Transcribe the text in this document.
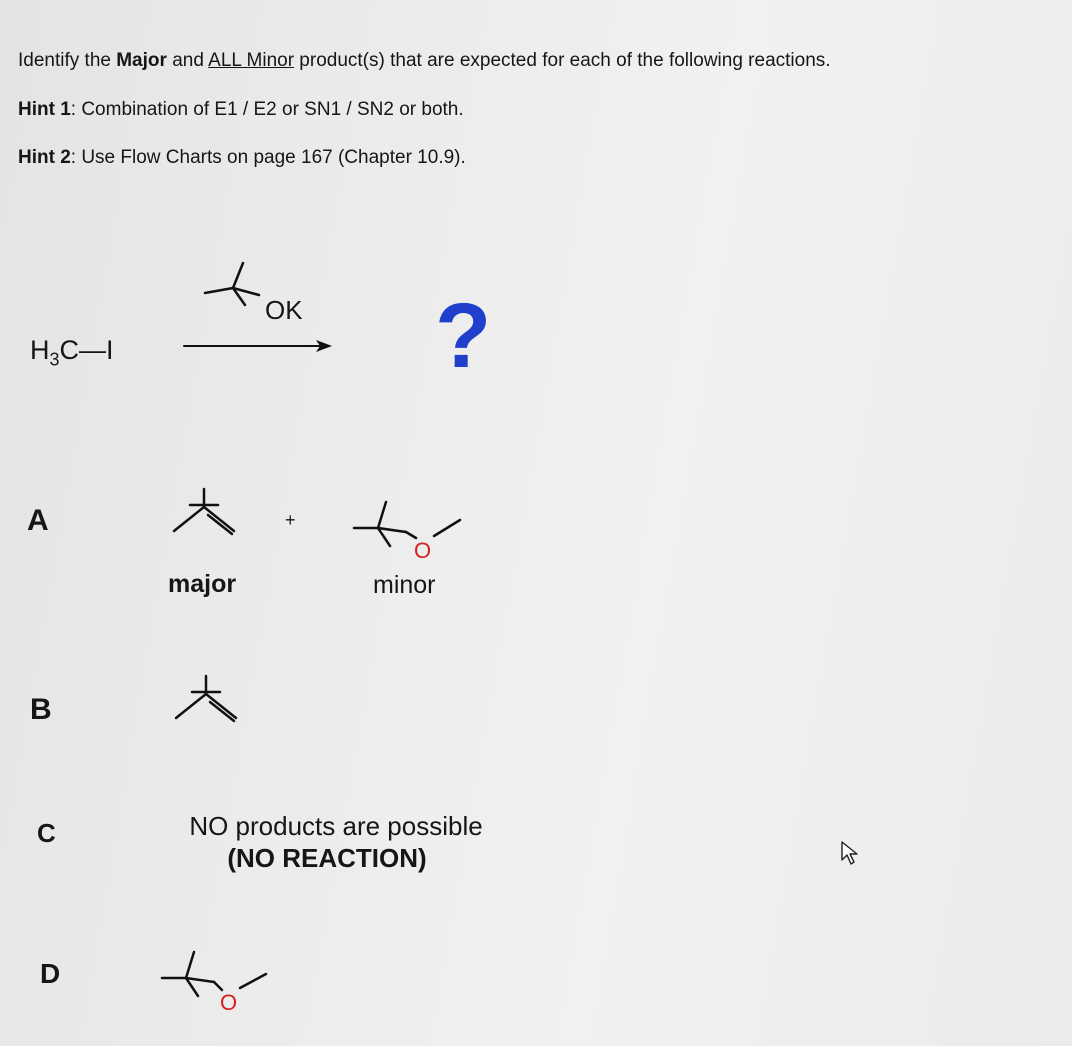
Identify the Major and ALL Minor product(s) that are expected for each of the following reactions.
Hint 1: Combination of E1 / E2 or SN1 / SN2 or both.
Hint 2: Use Flow Charts on page 167 (Chapter 10.9).
$H_3C—I$
OK ?
A	+
O
major	minor
B
C	NO products are possible
(NO REACTION)
D
O
